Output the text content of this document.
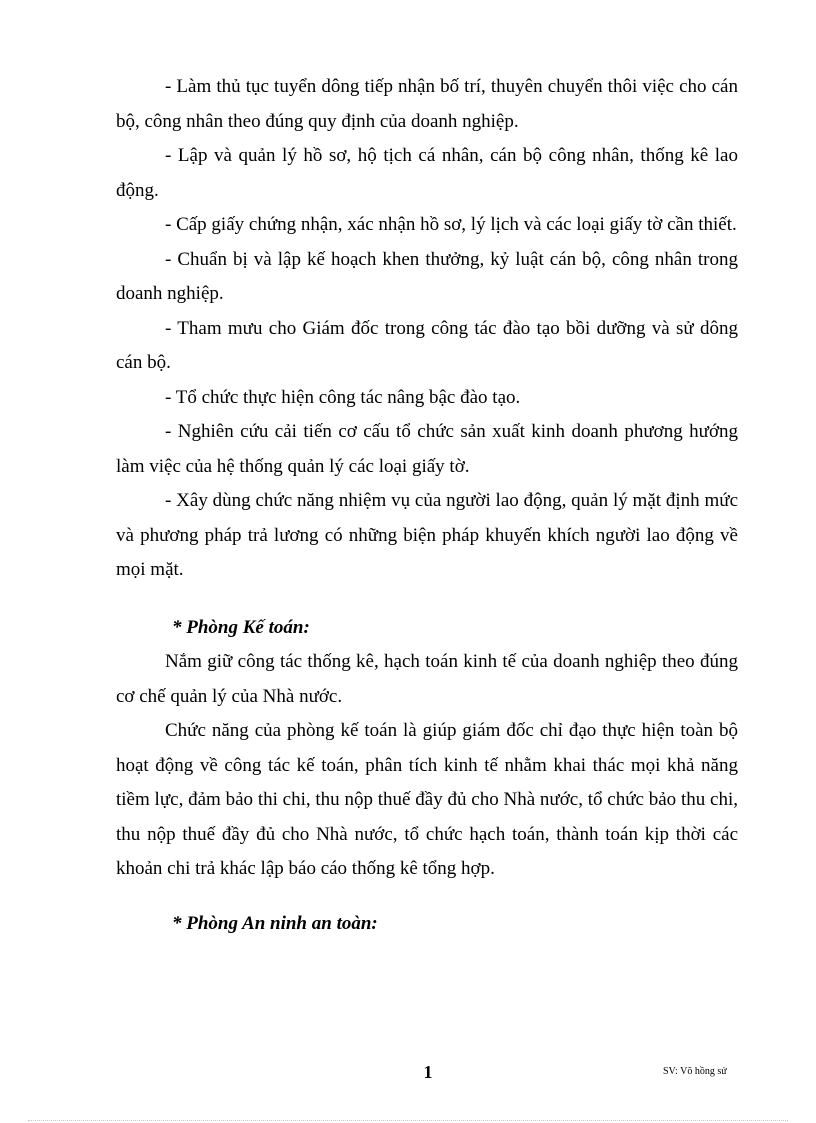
- Làm thủ tục tuyển dông tiếp nhận bố trí, thuyên chuyển thôi việc cho cán bộ, công nhân theo đúng quy định của doanh nghiệp.

- Lập và quản lý hồ sơ, hộ tịch cá nhân, cán bộ công nhân, thống kê lao động.

- Cấp giấy chứng nhận, xác nhận hồ sơ, lý lịch và các loại giấy tờ cần thiết.

- Chuẩn bị và lập kế hoạch khen thưởng, kỷ luật cán bộ, công nhân trong doanh nghiệp.

- Tham mưu cho Giám đốc trong công tác đào tạo bồi dưỡng và sử dông cán bộ.

- Tổ chức thực hiện công tác nâng bậc đào tạo.

- Nghiên cứu cải tiến cơ cấu tổ chức sản xuất kinh doanh phương hướng làm việc của hệ thống quản lý các loại giấy tờ.

- Xây dùng chức năng nhiệm vụ của người lao động, quản lý mặt định mức và phương pháp trả lương có những biện pháp khuyến khích người lao động về mọi mặt.

* Phòng Kế toán:

Nắm giữ công tác thống kê, hạch toán kinh tế của doanh nghiệp theo đúng cơ chế quản lý của Nhà nước.

Chức năng của phòng kế toán là giúp giám đốc chỉ đạo thực hiện toàn bộ hoạt động về công tác kế toán, phân tích kinh tế nhằm khai thác mọi khả năng tiềm lực, đảm bảo thi chi, thu nộp thuế đầy đủ cho Nhà nước, tổ chức bảo thu chi, thu nộp thuế đầy đủ cho Nhà nước, tổ chức hạch toán, thành toán kịp thời các khoản chi trả khác lập báo cáo thống kê tổng hợp.

* Phòng An ninh an toàn:

1	SV: Võ hồng sử
